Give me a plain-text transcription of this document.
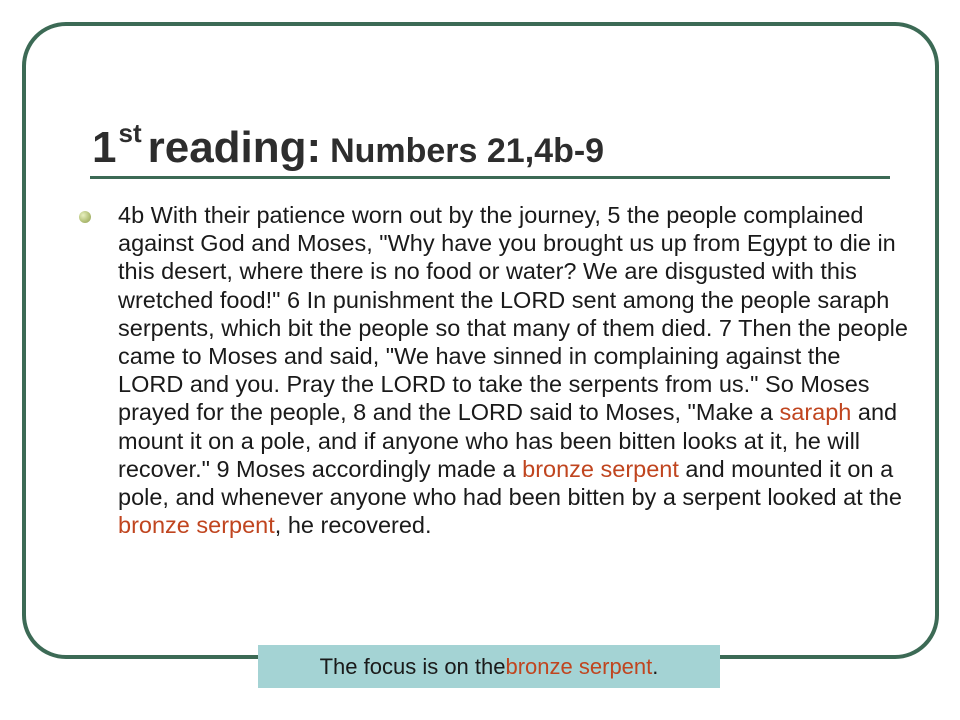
1st reading: Numbers 21,4b-9

4b With their patience worn out by the journey, 5 the people complained against God and Moses, "Why have you brought us up from Egypt to die in this desert, where there is no food or water? We are disgusted with this wretched food!" 6 In punishment the LORD sent among the people saraph serpents, which bit the people so that many of them died. 7 Then the people came to Moses and said, "We have sinned in complaining against the LORD and you. Pray the LORD to take the serpents from us." So Moses prayed for the people, 8 and the LORD said to Moses, "Make a saraph and mount it on a pole, and if anyone who has been bitten looks at it, he will recover." 9 Moses accordingly made a bronze serpent and mounted it on a pole, and whenever anyone who had been bitten by a serpent looked at the bronze serpent, he recovered.

The focus is on the bronze serpent .
